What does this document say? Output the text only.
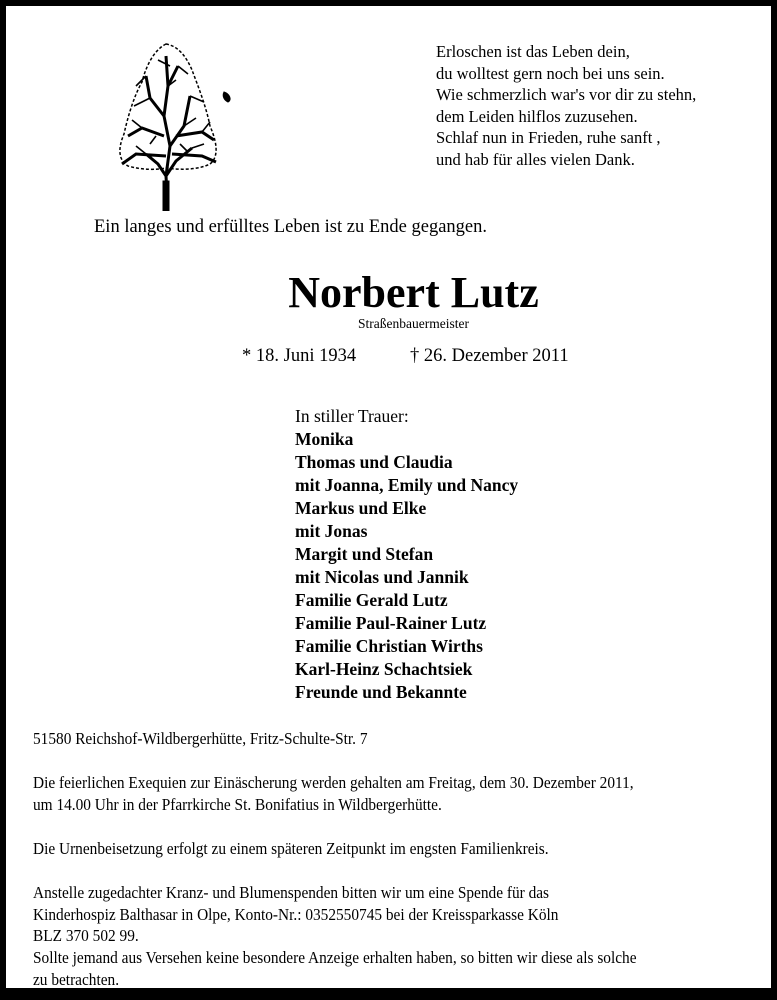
Erloschen ist das Leben dein,
du wolltest gern noch bei uns sein.
Wie schmerzlich war's vor dir zu stehn,
dem Leiden hilflos zuzusehen.
Schlaf nun in Frieden, ruhe sanft ,
und hab für alles vielen Dank.
Ein langes und erfülltes Leben ist zu Ende gegangen.
Norbert Lutz
Straßenbauermeister
* 18. Juni 1934	† 26. Dezember 2011
In stiller Trauer:
Monika
Thomas und Claudia
mit Joanna, Emily und Nancy
Markus und Elke
mit Jonas
Margit und Stefan
mit Nicolas und Jannik
Familie Gerald Lutz
Familie Paul-Rainer Lutz
Familie Christian Wirths
Karl-Heinz Schachtsiek
Freunde und Bekannte
51580 Reichshof-Wildbergerhütte, Fritz-Schulte-Str. 7
Die feierlichen Exequien zur Einäscherung werden gehalten am Freitag, dem 30. Dezember 2011,
um 14.00 Uhr in der Pfarrkirche St. Bonifatius in Wildbergerhütte.
Die Urnenbeisetzung erfolgt zu einem späteren Zeitpunkt im engsten Familienkreis.
Anstelle zugedachter Kranz- und Blumenspenden bitten wir um eine Spende für das
Kinderhospiz Balthasar in Olpe, Konto-Nr.: 0352550745 bei der Kreissparkasse Köln
BLZ 370 502 99.
Sollte jemand aus Versehen keine besondere Anzeige erhalten haben, so bitten wir diese als solche
zu betrachten.
